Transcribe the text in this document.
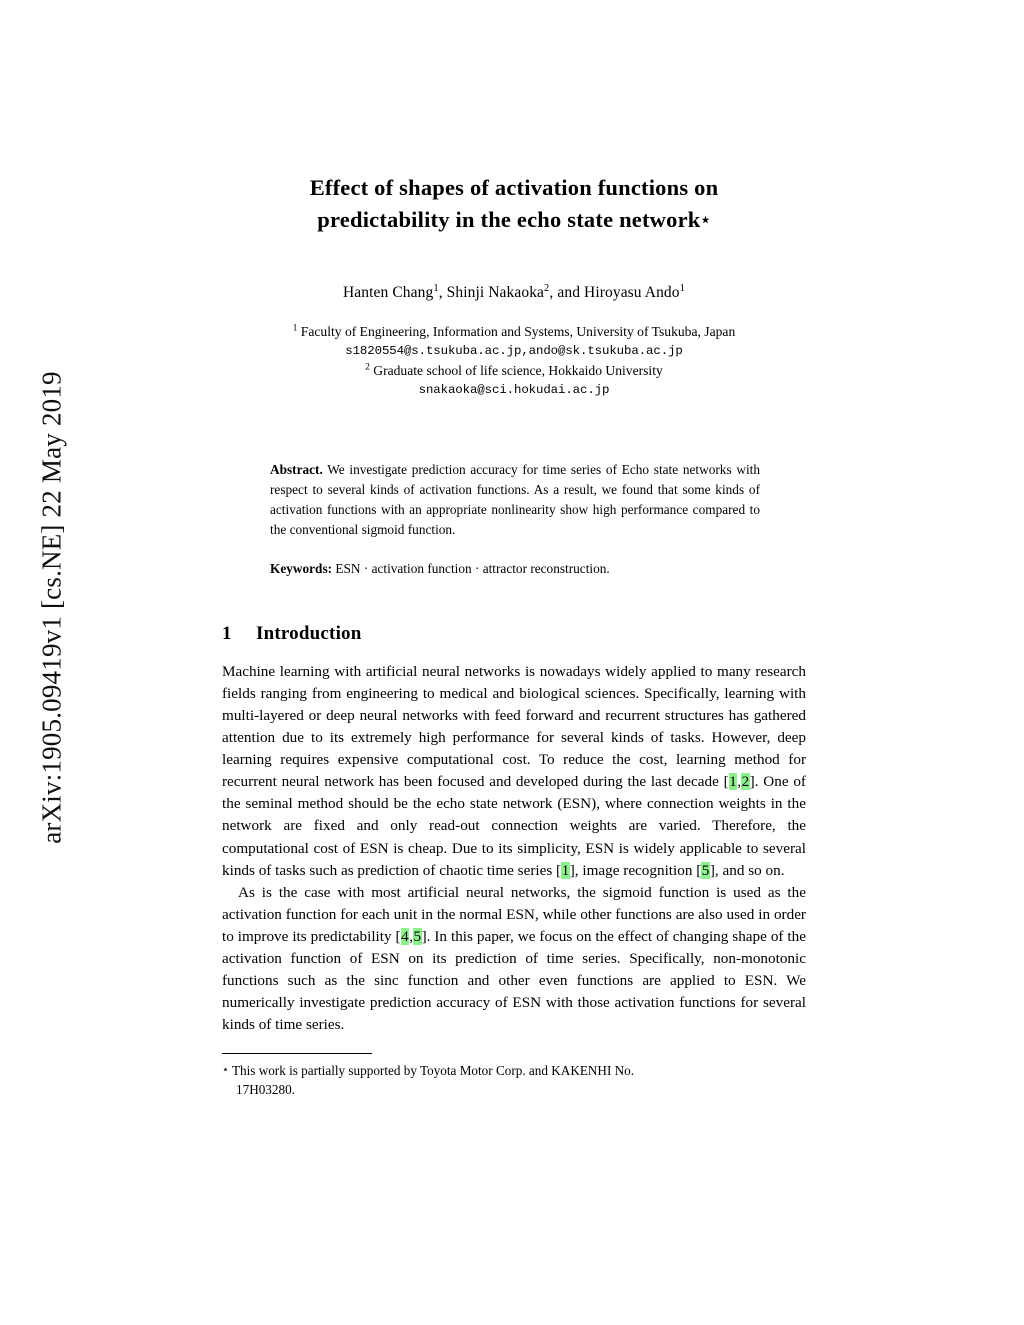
arXiv:1905.09419v1 [cs.NE] 22 May 2019
Effect of shapes of activation functions on
predictability in the echo state network⋆
Hanten Chang$^1$, Shinji Nakaoka$^2$, and Hiroyasu Ando$^1$
$^1$ Faculty of Engineering, Information and Systems, University of Tsukuba, Japan
s1820554@s.tsukuba.ac.jp,ando@sk.tsukuba.ac.jp
$^2$ Graduate school of life science, Hokkaido University
snakaoka@sci.hokudai.ac.jp
Abstract. We investigate prediction accuracy for time series of Echo state networks with respect to several kinds of activation functions. As a result, we found that some kinds of activation functions with an appropriate nonlinearity show high performance compared to the conventional sigmoid function.
Keywords: ESN · activation function · attractor reconstruction.
1 Introduction

Machine learning with artificial neural networks is nowadays widely applied to many research fields ranging from engineering to medical and biological sciences. Specifically, learning with multi-layered or deep neural networks with feed forward and recurrent structures has gathered attention due to its extremely high performance for several kinds of tasks. However, deep learning requires expensive computational cost. To reduce the cost, learning method for recurrent neural network has been focused and developed during the last decade [1,2]. One of the seminal method should be the echo state network (ESN), where connection weights in the network are fixed and only read-out connection weights are varied. Therefore, the computational cost of ESN is cheap. Due to its simplicity, ESN is widely applicable to several kinds of tasks such as prediction of chaotic time series [1], image recognition [5], and so on.

As is the case with most artificial neural networks, the sigmoid function is used as the activation function for each unit in the normal ESN, while other functions are also used in order to improve its predictability [4,5]. In this paper, we focus on the effect of changing shape of the activation function of ESN on its prediction of time series. Specifically, non-monotonic functions such as the sinc function and other even functions are applied to ESN. We numerically investigate prediction accuracy of ESN with those activation functions for several kinds of time series.

⋆ This work is partially supported by Toyota Motor Corp. and KAKENHI No.
17H03280.
